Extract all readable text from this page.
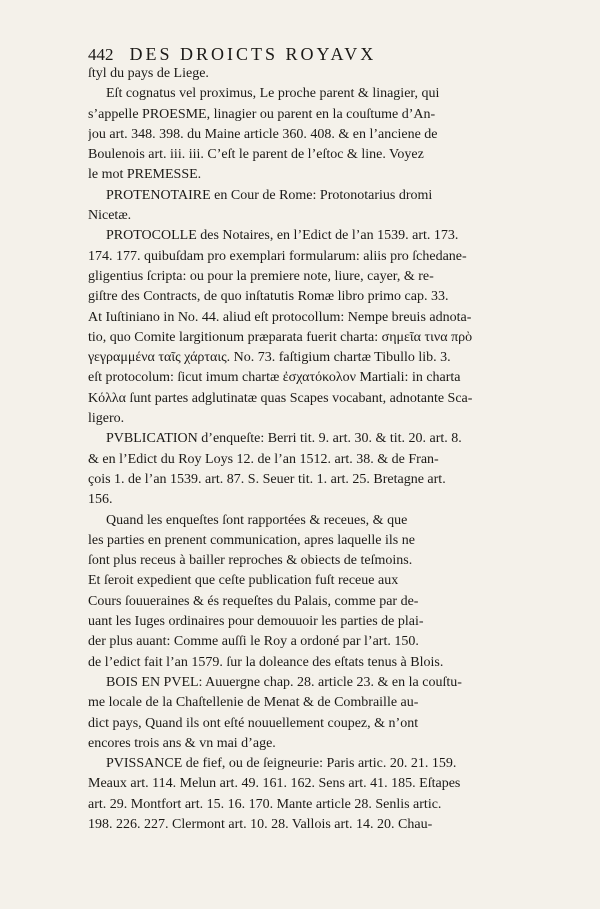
442 DES DROICTS ROYAVX
ſtyl du pays de Liege.
Eſt cognatus vel proximus, Le proche parent & linagier, qui
s’appelle PROESME, linagier ou parent en la couſtume d’An-
jou art. 348. 398. du Maine article 360. 408. & en l’anciene de
Boulenois art. iii. iii. C’eſt le parent de l’eſtoc & line. Voyez
le mot PREMESSE.
PROTENOTAIRE en Cour de Rome: Protonotarius dromi
Nicetæ.
PROTOCOLLE des Notaires, en l’Edict de l’an 1539. art. 173.
174. 177. quibuſdam pro exemplari formularum: aliis pro ſchedane-
gligentius ſcripta: ou pour la premiere note, liure, cayer, & re-
giſtre des Contracts, de quo inſtatutis Romæ libro primo cap. 33.
At Iuſtiniano in No. 44. aliud eſt protocollum: Nempe breuis adnota-
tio, quo Comite largitionum præparata fuerit charta: σημεῖα τινα πρὸ
γεγραμμένα ταῖς χάρταις. No. 73. faſtigium chartæ Tibullo lib. 3.
eſt protocolum: ſicut imum chartæ ἐσχατόκολον Martiali: in charta
Κόλλα ſunt partes adglutinatæ quas Scapes vocabant, adnotante Sca-
ligero.
PVBLICATION d’enqueſte: Berri tit. 9. art. 30. & tit. 20. art. 8.
& en l’Edict du Roy Loys 12. de l’an 1512. art. 38. & de Fran-
çois 1. de l’an 1539. art. 87. S. Seuer tit. 1. art. 25. Bretagne art.
156.
Quand les enqueſtes ſont rapportées & receues, & que
les parties en prenent communication, apres laquelle ils ne
ſont plus receus à bailler reproches & obiects de teſmoins.
Et ſeroit expedient que ceſte publication fuſt receue aux
Cours ſouueraines & és requeſtes du Palais, comme par de-
uant les Iuges ordinaires pour demouuoir les parties de plai-
der plus auant: Comme auſſi le Roy a ordoné par l’art. 150.
de l’edict fait l’an 1579. ſur la doleance des eſtats tenus à Blois.
BOIS EN PVEL: Auuergne chap. 28. article 23. & en la couſtu-
me locale de la Chaſtellenie de Menat & de Combraille au-
dict pays, Quand ils ont eſté nouuellement coupez, & n’ont
encores trois ans & vn mai d’age.
PVISSANCE de fief, ou de ſeigneurie: Paris artic. 20. 21. 159.
Meaux art. 114. Melun art. 49. 161. 162. Sens art. 41. 185. Eſtapes
art. 29. Montfort art. 15. 16. 170. Mante article 28. Senlis artic.
198. 226. 227. Clermont art. 10. 28. Vallois art. 14. 20. Chau-
